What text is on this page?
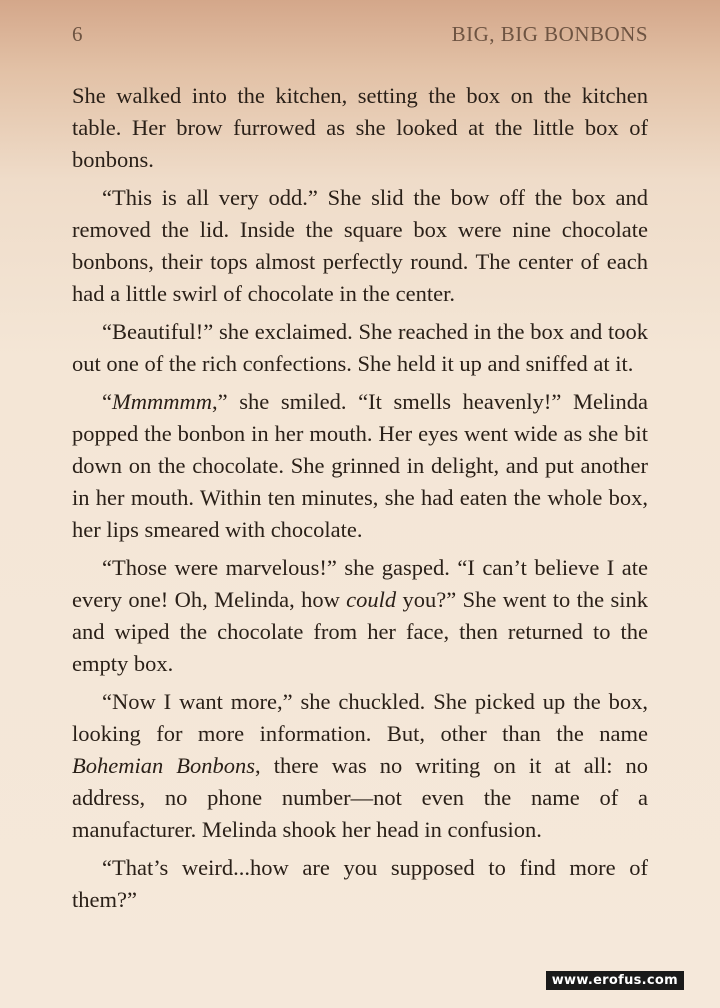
6	BIG, BIG BONBONS

She walked into the kitchen, setting the box on the kitchen table. Her brow furrowed as she looked at the little box of bonbons.

“This is all very odd.” She slid the bow off the box and removed the lid. Inside the square box were nine chocolate bonbons, their tops almost perfectly round. The center of each had a little swirl of chocolate in the center.

“Beautiful!” she exclaimed. She reached in the box and took out one of the rich confections. She held it up and sniffed at it.

“Mmmmmm,” she smiled. “It smells heavenly!” Melinda popped the bonbon in her mouth. Her eyes went wide as she bit down on the chocolate. She grinned in delight, and put another in her mouth. Within ten minutes, she had eaten the whole box, her lips smeared with chocolate.

“Those were marvelous!” she gasped. “I can’t believe I ate every one! Oh, Melinda, how could you?” She went to the sink and wiped the chocolate from her face, then returned to the empty box.

“Now I want more,” she chuckled. She picked up the box, looking for more information. But, other than the name Bohemian Bonbons, there was no writing on it at all: no address, no phone number—not even the name of a manufacturer. Melinda shook her head in confusion.

“That’s weird...how are you supposed to find more of them?”

www.erofus.com
